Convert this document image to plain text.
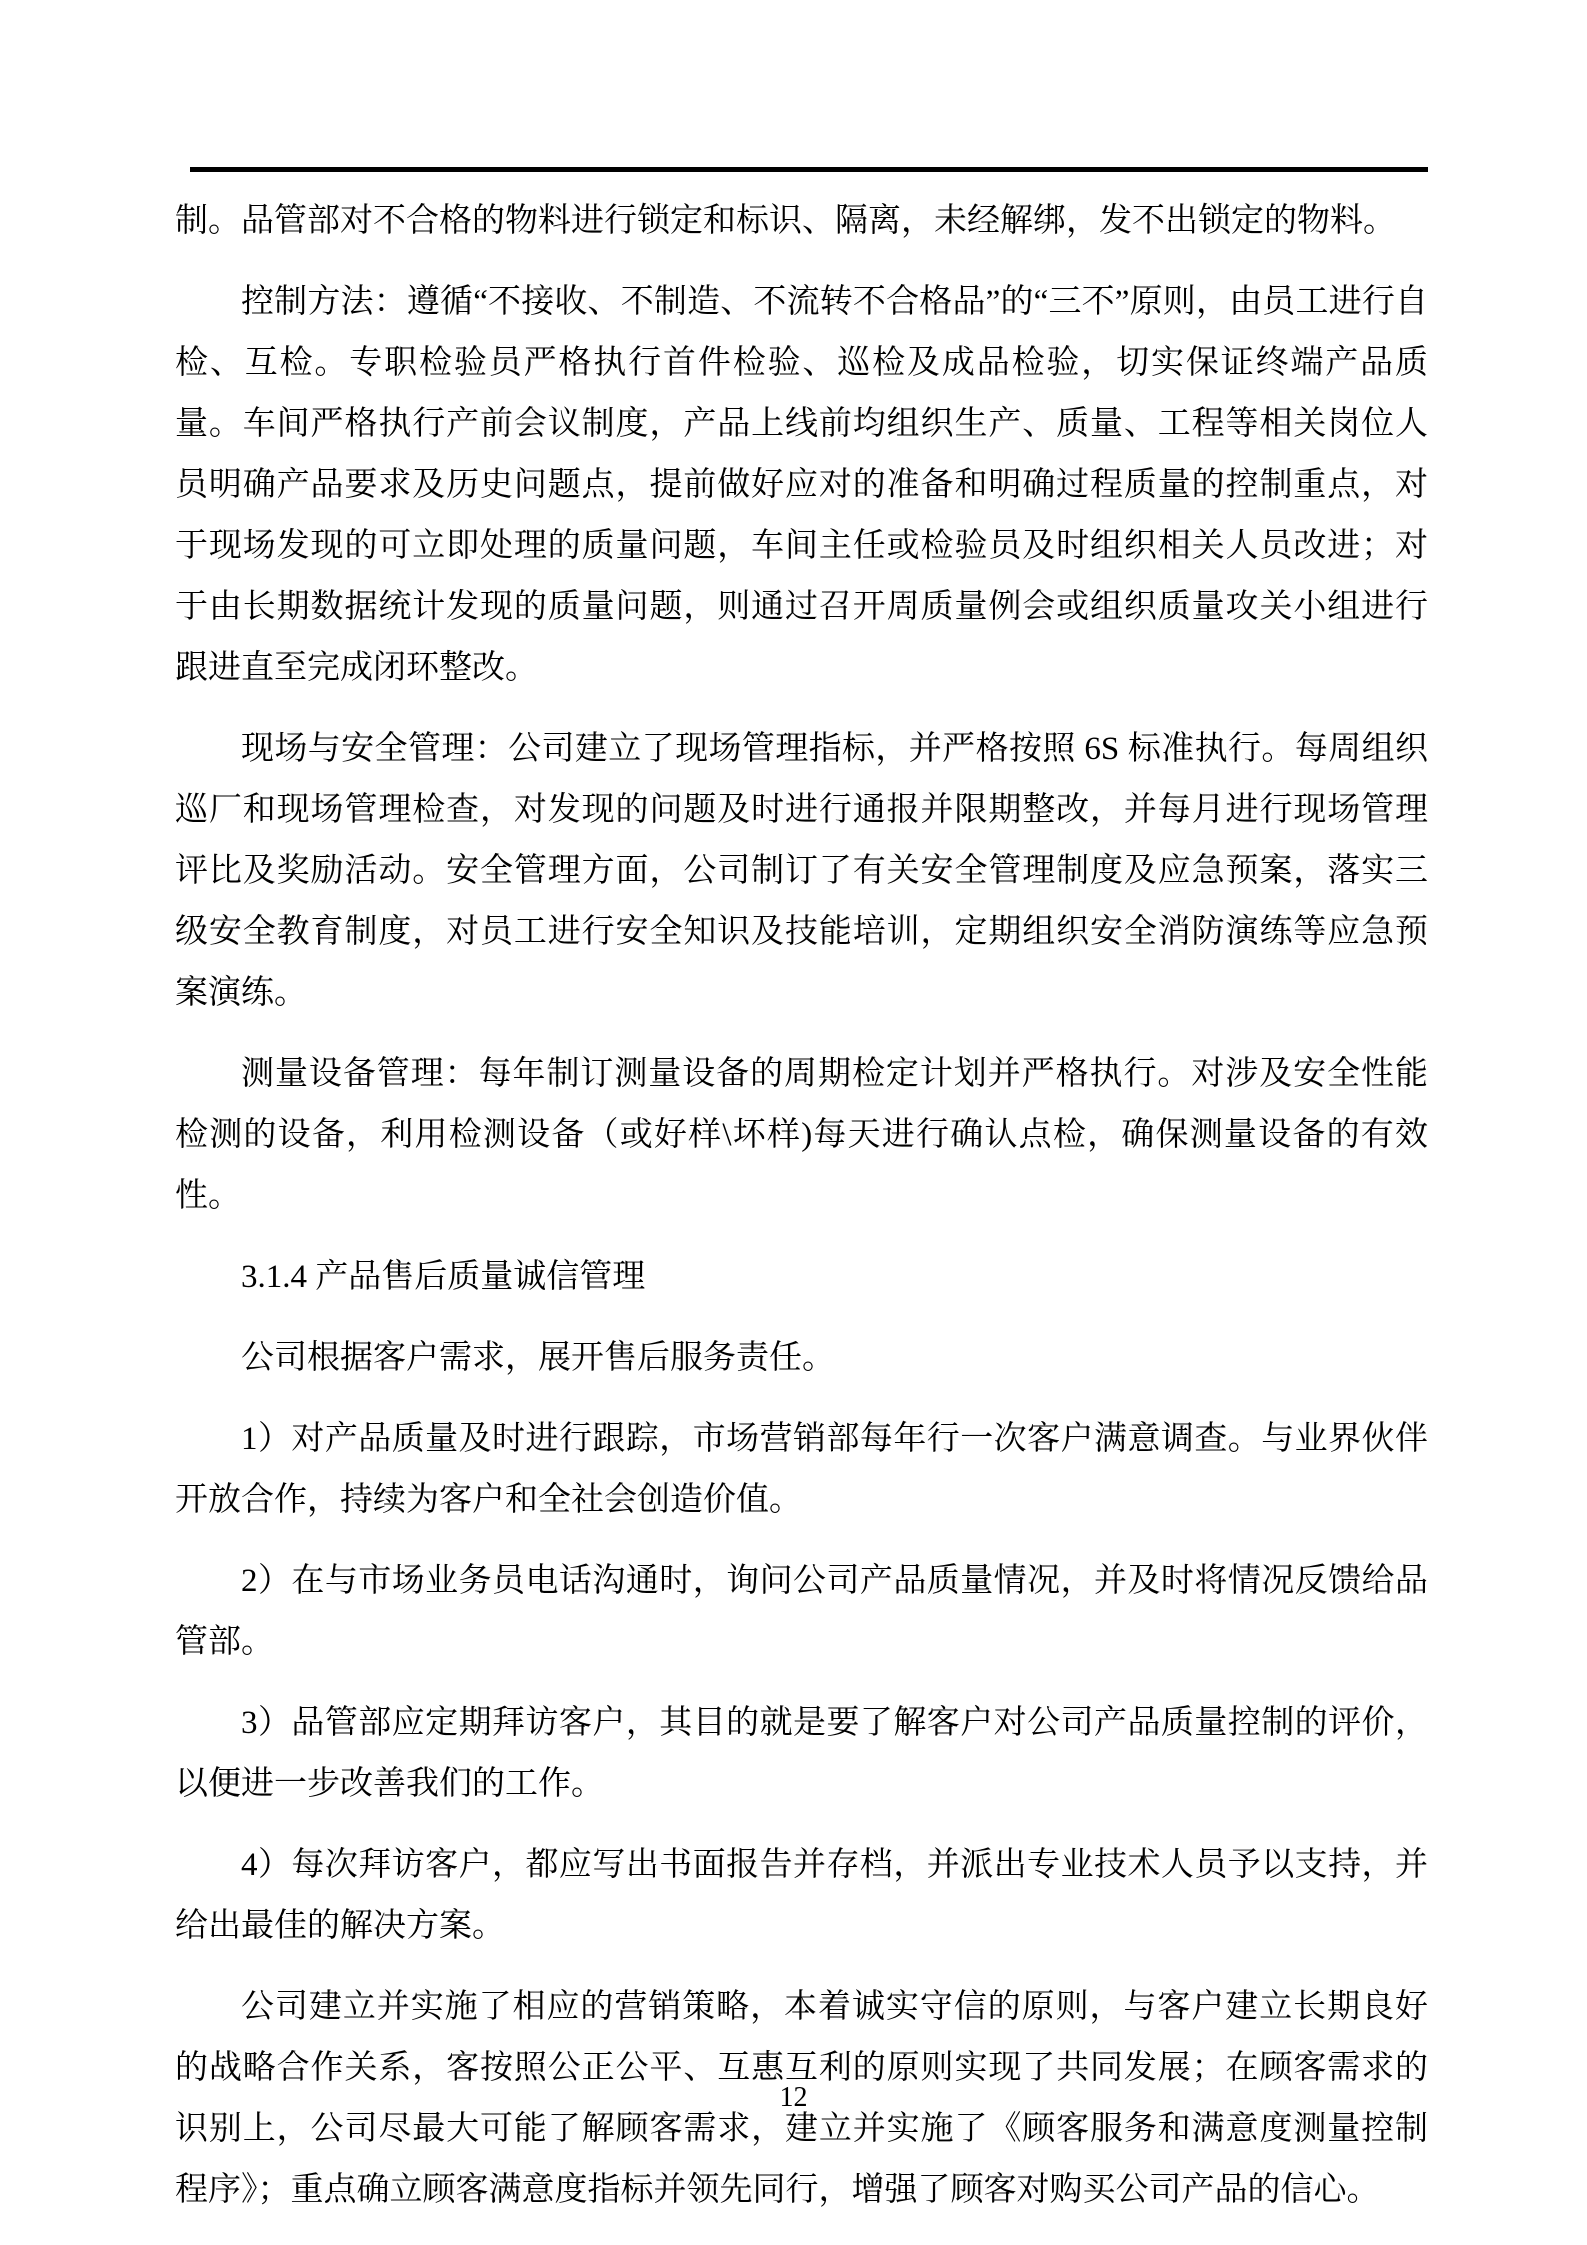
制。品管部对不合格的物料进行锁定和标识、隔离，未经解绑，发不出锁定的物料。

控制方法：遵循“不接收、不制造、不流转不合格品”的“三不”原则，由员工进行自检、互检。专职检验员严格执行首件检验、巡检及成品检验，切实保证终端产品质量。车间严格执行产前会议制度，产品上线前均组织生产、质量、工程等相关岗位人员明确产品要求及历史问题点，提前做好应对的准备和明确过程质量的控制重点，对于现场发现的可立即处理的质量问题，车间主任或检验员及时组织相关人员改进；对于由长期数据统计发现的质量问题，则通过召开周质量例会或组织质量攻关小组进行跟进直至完成闭环整改。

现场与安全管理：公司建立了现场管理指标，并严格按照 6S 标准执行。每周组织巡厂和现场管理检查，对发现的问题及时进行通报并限期整改，并每月进行现场管理评比及奖励活动。安全管理方面，公司制订了有关安全管理制度及应急预案，落实三级安全教育制度，对员工进行安全知识及技能培训，定期组织安全消防演练等应急预案演练。

测量设备管理：每年制订测量设备的周期检定计划并严格执行。对涉及安全性能检测的设备，利用检测设备（或好样\坏样)每天进行确认点检，确保测量设备的有效性。

3.1.4 产品售后质量诚信管理

公司根据客户需求，展开售后服务责任。

1）对产品质量及时进行跟踪，市场营销部每年行一次客户满意调查。与业界伙伴开放合作，持续为客户和全社会创造价值。

2）在与市场业务员电话沟通时，询问公司产品质量情况，并及时将情况反馈给品管部。

3）品管部应定期拜访客户，其目的就是要了解客户对公司产品质量控制的评价，以便进一步改善我们的工作。

4）每次拜访客户，都应写出书面报告并存档，并派出专业技术人员予以支持，并给出最佳的解决方案。

公司建立并实施了相应的营销策略，本着诚实守信的原则，与客户建立长期良好的战略合作关系，客按照公正公平、互惠互利的原则实现了共同发展；在顾客需求的识别上，公司尽最大可能了解顾客需求，建立并实施了《顾客服务和满意度测量控制程序》；重点确立顾客满意度指标并领先同行，增强了顾客对购买公司产品的信心。

12
